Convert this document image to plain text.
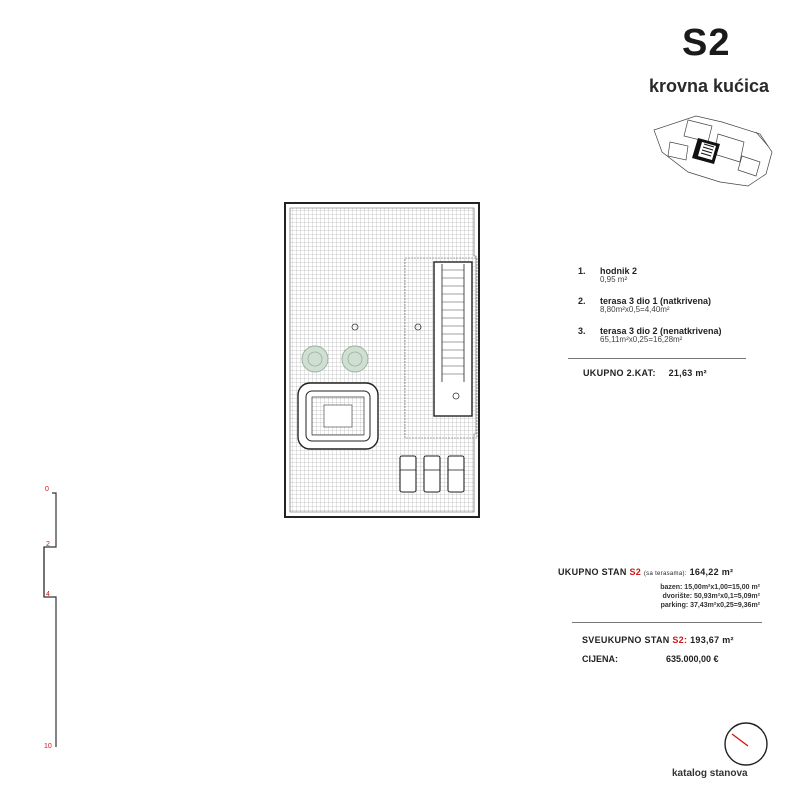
S2
krovna kućica
1. hodnik 2
0,95 m²
2. terasa 3 dio 1 (natkrivena)
8,80m²x0,5=4,40m²
3. terasa 3 dio 2 (nenatkrivena)
65,11m²x0,25=16,28m²
UKUPNO 2.KAT: 21,63 m²
UKUPNO STAN S2 (sa terasama): 164,22 m²
bazen: 15,00m²x1,00=15,00 m²
dvorište: 50,93m²x0,1=5,09m²
parking: 37,43m²x0,25=9,36m²
SVEUKUPNO STAN S2: 193,67 m²
CIJENA:	635.000,00 €
0
2
4
10
katalog stanova
